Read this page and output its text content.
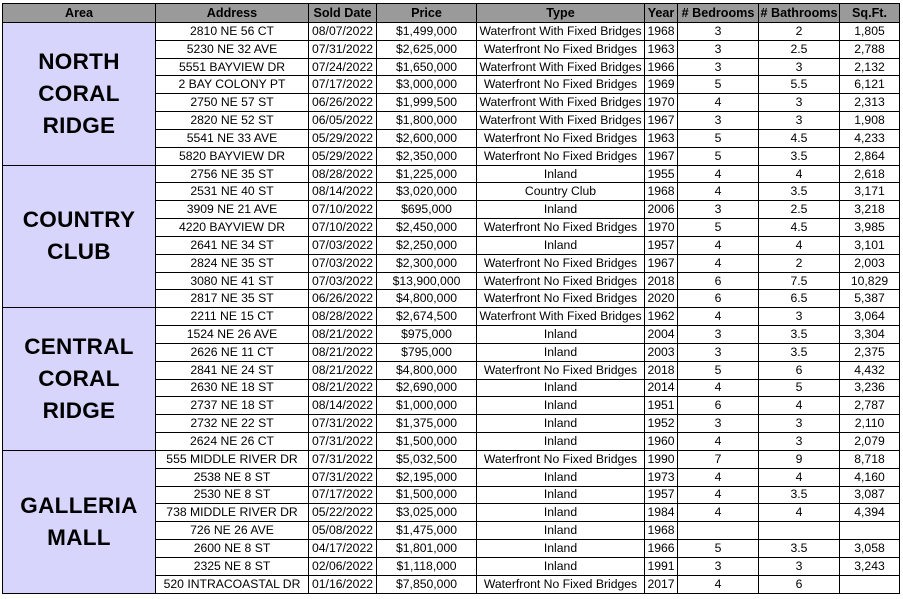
Area	Address	Sold Date	Price	Type	Year	# Bedrooms	# Bathrooms	Sq.Ft.

NORTH
CORAL RIDGE	2810 NE 56 CT	08/07/2022	$1,499,000	Waterfront With Fixed Bridges	1968	3	2	1,805
	5230 NE 32 AVE	07/31/2022	$2,625,000	Waterfront No Fixed Bridges	1963	3	2.5	2,788
	5551 BAYVIEW DR	07/24/2022	$1,650,000	Waterfront With Fixed Bridges	1966	3	3	2,132
	2 BAY COLONY PT	07/17/2022	$3,000,000	Waterfront No Fixed Bridges	1969	5	5.5	6,121
	2750 NE 57 ST	06/26/2022	$1,999,500	Waterfront With Fixed Bridges	1970	4	3	2,313
	2820 NE 52 ST	06/05/2022	$1,800,000	Waterfront With Fixed Bridges	1967	3	3	1,908
	5541 NE 33 AVE	05/29/2022	$2,600,000	Waterfront No Fixed Bridges	1963	5	4.5	4,233
	5820 BAYVIEW DR	05/29/2022	$2,350,000	Waterfront No Fixed Bridges	1967	5	3.5	2,864

COUNTRY
CLUB	2756 NE 35 ST	08/28/2022	$1,225,000	Inland	1955	4	4	2,618
	2531 NE 40 ST	08/14/2022	$3,020,000	Country Club	1968	4	3.5	3,171
	3909 NE 21 AVE	07/10/2022	$695,000	Inland	2006	3	2.5	3,218
	4220 BAYVIEW DR	07/10/2022	$2,450,000	Waterfront No Fixed Bridges	1970	5	4.5	3,985
	2641 NE 34 ST	07/03/2022	$2,250,000	Inland	1957	4	4	3,101
	2824 NE 35 ST	07/03/2022	$2,300,000	Waterfront No Fixed Bridges	1967	4	2	2,003
	3080 NE 41 ST	07/03/2022	$13,900,000	Waterfront No Fixed Bridges	2018	6	7.5	10,829
	2817 NE 35 ST	06/26/2022	$4,800,000	Waterfront No Fixed Bridges	2020	6	6.5	5,387

CENTRAL
CORAL RIDGE	2211 NE 15 CT	08/28/2022	$2,674,500	Waterfront With Fixed Bridges	1962	4	3	3,064
	1524 NE 26 AVE	08/21/2022	$975,000	Inland	2004	3	3.5	3,304
	2626 NE 11 CT	08/21/2022	$795,000	Inland	2003	3	3.5	2,375
	2841 NE 24 ST	08/21/2022	$4,800,000	Waterfront No Fixed Bridges	2018	5	6	4,432
	2630 NE 18 ST	08/21/2022	$2,690,000	Inland	2014	4	5	3,236
	2737 NE 18 ST	08/14/2022	$1,000,000	Inland	1951	6	4	2,787
	2732 NE 22 ST	07/31/2022	$1,375,000	Inland	1952	3	3	2,110
	2624 NE 26 CT	07/31/2022	$1,500,000	Inland	1960	4	3	2,079

GALLERIA
MALL	555 MIDDLE RIVER DR	07/31/2022	$5,032,500	Waterfront No Fixed Bridges	1990	7	9	8,718
	2538 NE 8 ST	07/31/2022	$2,195,000	Inland	1973	4	4	4,160
	2530 NE 8 ST	07/17/2022	$1,500,000	Inland	1957	4	3.5	3,087
	738 MIDDLE RIVER DR	05/22/2022	$3,025,000	Inland	1984	4	4	4,394
	726 NE 26 AVE	05/08/2022	$1,475,000	Inland	1968			
	2600 NE 8 ST	04/17/2022	$1,801,000	Inland	1966	5	3.5	3,058
	2325 NE 8 ST	02/06/2022	$1,118,000	Inland	1991	3	3	3,243
	520 INTRACOASTAL DR	01/16/2022	$7,850,000	Waterfront No Fixed Bridges	2017	4	6	
